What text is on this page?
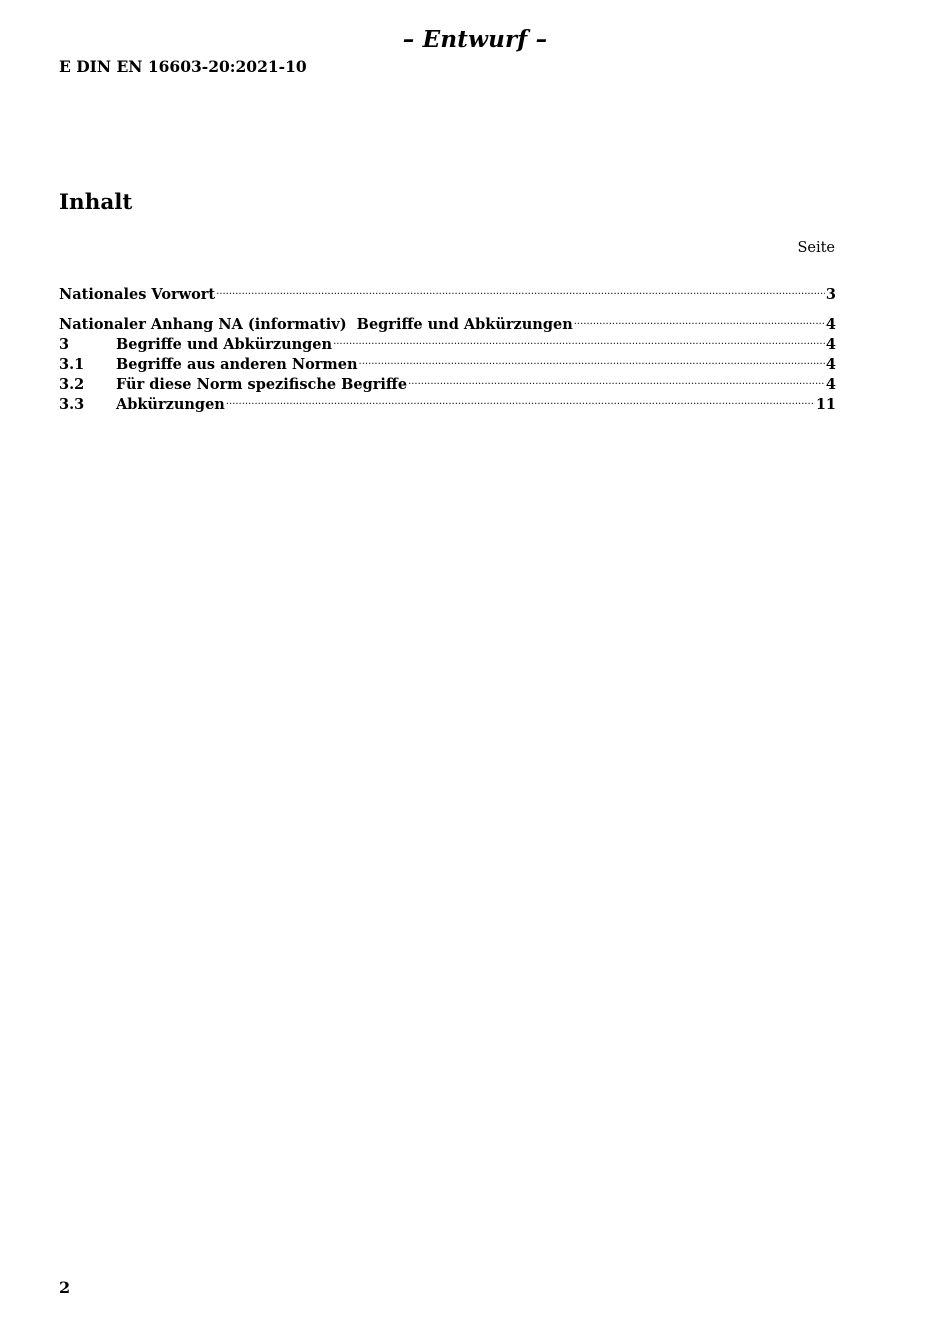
– Entwurf –
E DIN EN 16603-20:2021-10
Inhalt
Seite
Nationales Vorwort .....	3
Nationaler Anhang NA (informativ)  Begriffe und Abkürzungen .....	4
3	Begriffe und Abkürzungen .....	4
3.1	Begriffe aus anderen Normen .....	4
3.2	Für diese Norm spezifische Begriffe .....	4
3.3	Abkürzungen .....	11
2
